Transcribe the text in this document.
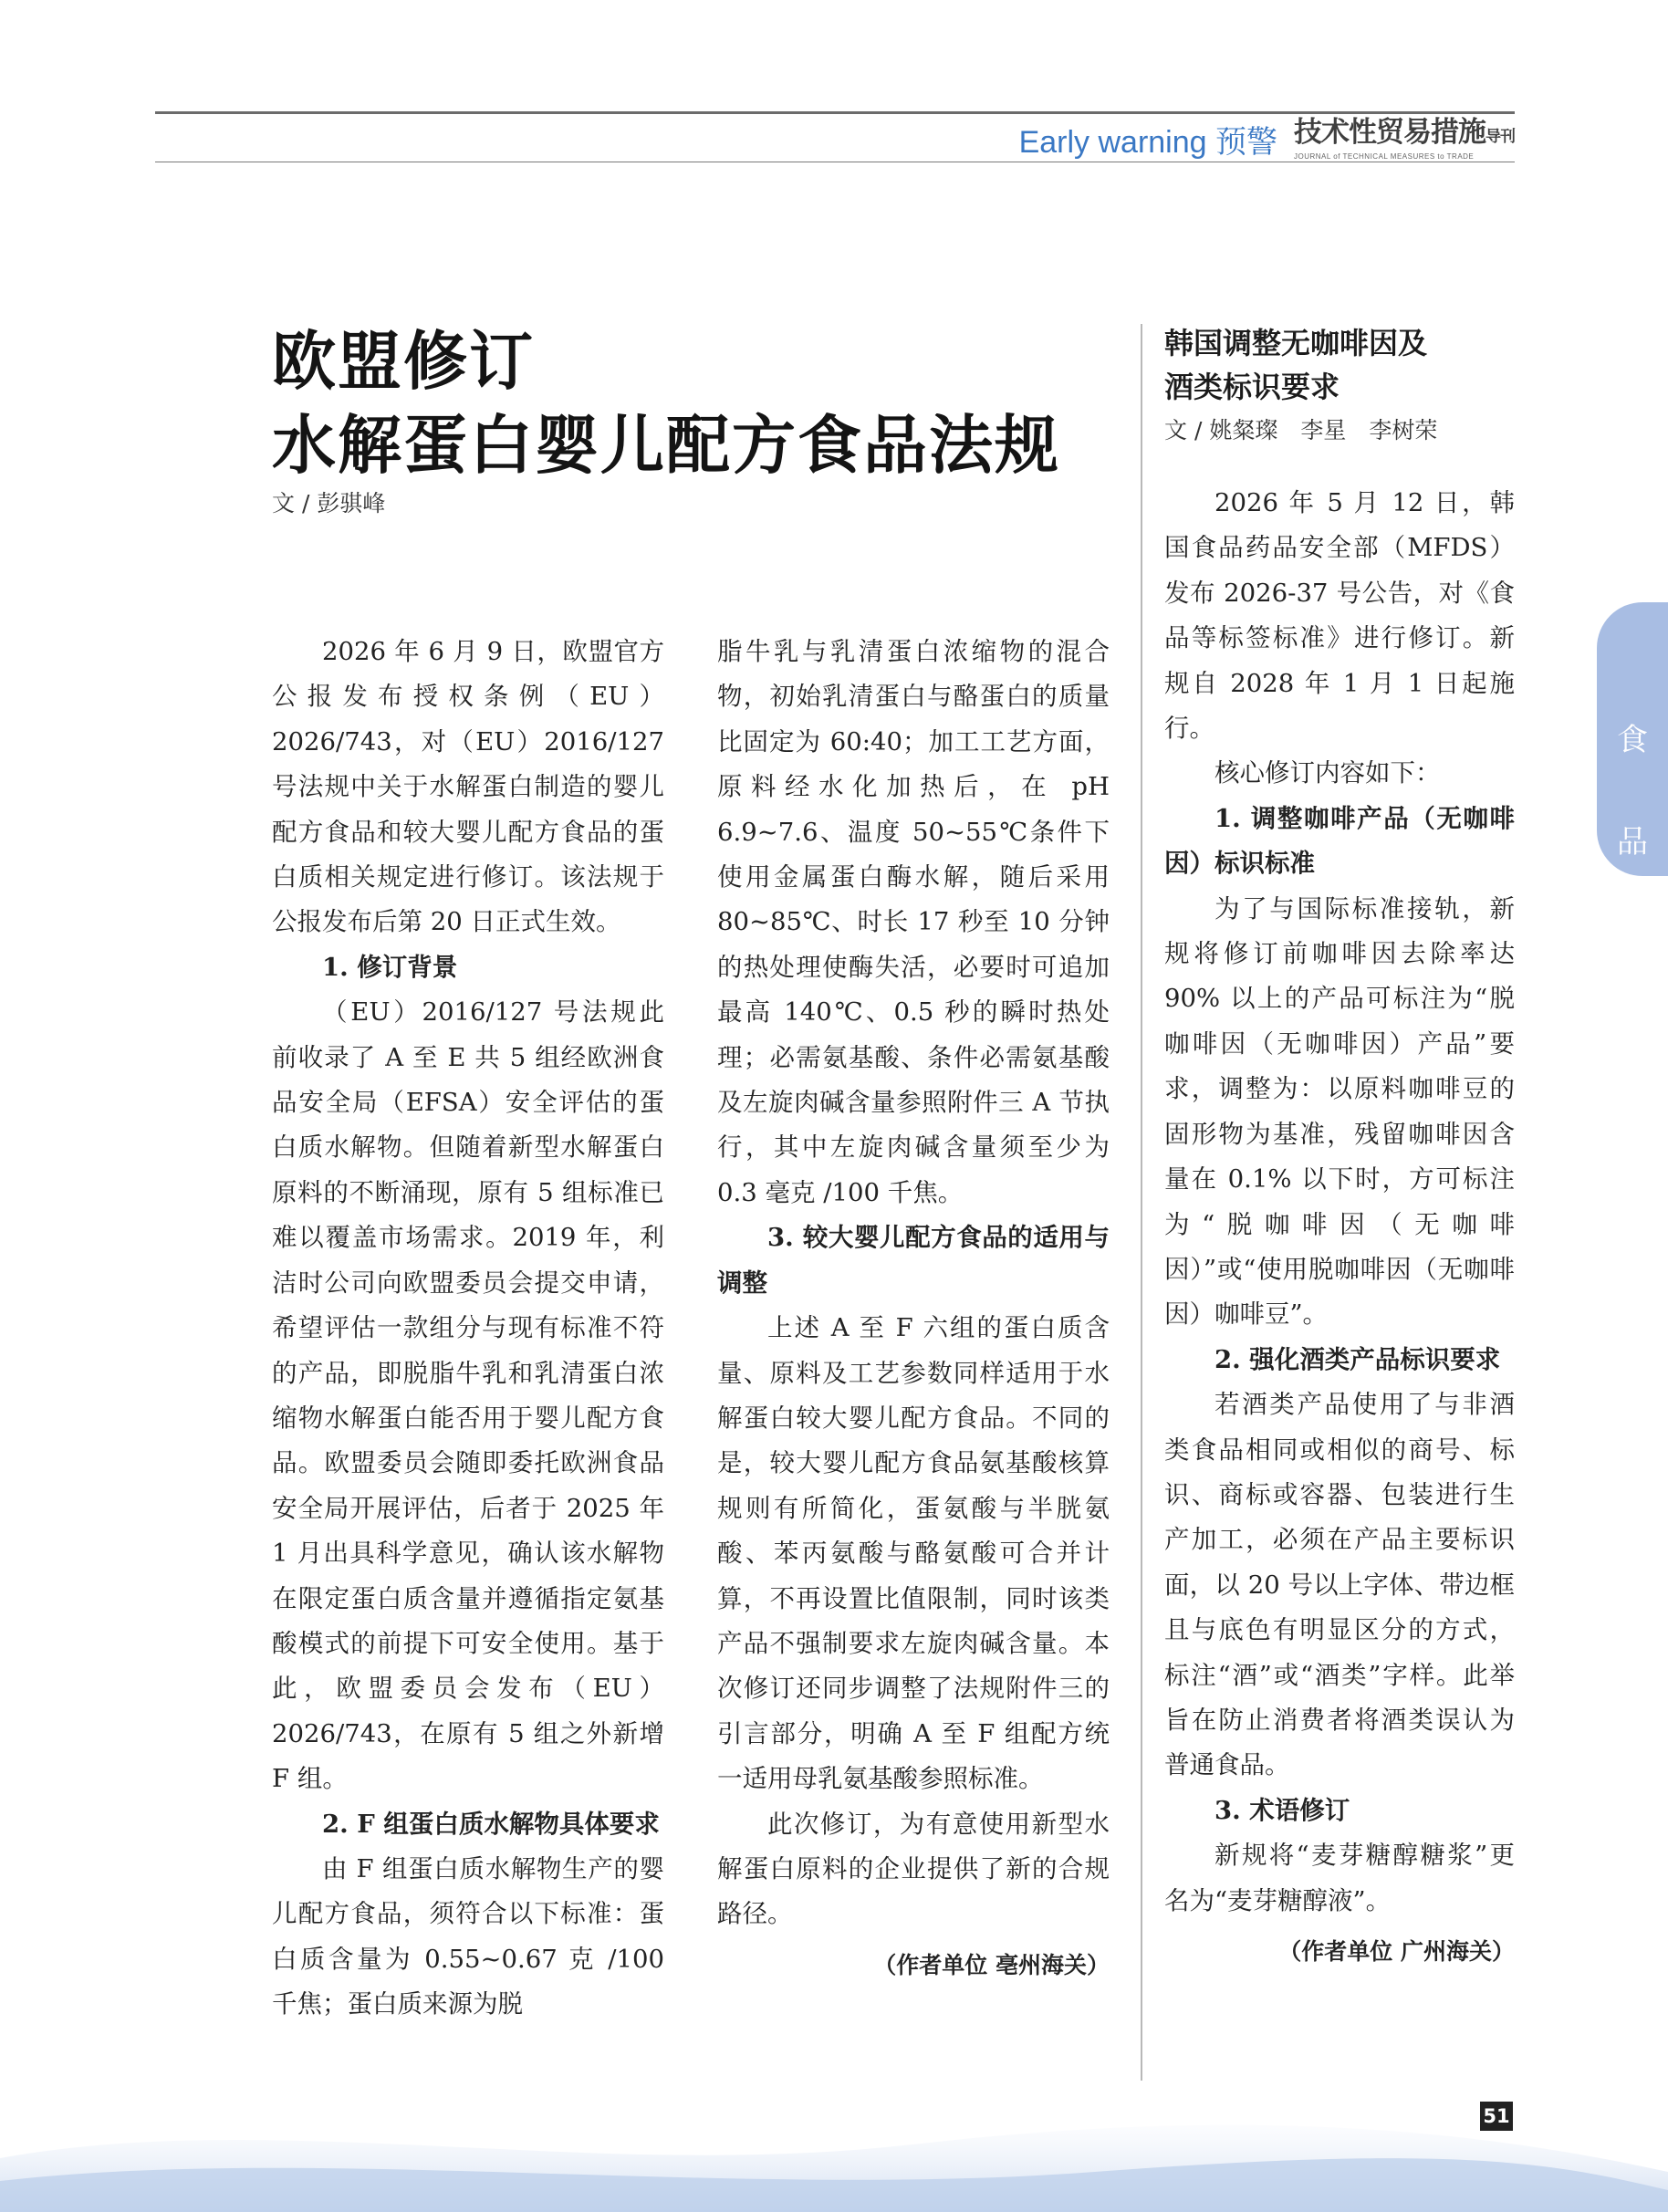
Early warning 预警 技术性贸易措施导刊
JOURNAL of TECHNICAL MEASURES to TRADE
欧盟修订
水解蛋白婴儿配方食品法规
文 / 彭骐峰

2026 年 6 月 9 日，欧盟官方公报发布授权条例（EU）2026/743，对（EU）2016/127 号法规中关于水解蛋白制造的婴儿配方食品和较大婴儿配方食品的蛋白质相关规定进行修订。该法规于公报发布后第 20 日正式生效。

1. 修订背景

（EU）2016/127 号法规此前收录了 A 至 E 共 5 组经欧洲食品安全局（EFSA）安全评估的蛋白质水解物。但随着新型水解蛋白原料的不断涌现，原有 5 组标准已难以覆盖市场需求。2019 年，利洁时公司向欧盟委员会提交申请，希望评估一款组分与现有标准不符的产品，即脱脂牛乳和乳清蛋白浓缩物水解蛋白能否用于婴儿配方食品。欧盟委员会随即委托欧洲食品安全局开展评估，后者于 2025 年 1 月出具科学意见，确认该水解物在限定蛋白质含量并遵循指定氨基酸模式的前提下可安全使用。基于此，欧盟委员会发布（EU）2026/743，在原有 5 组之外新增 F 组。

2. F 组蛋白质水解物具体要求

由 F 组蛋白质水解物生产的婴儿配方食品，须符合以下标准：蛋白质含量为 0.55~0.67 克 /100 千焦；蛋白质来源为脱

脂牛乳与乳清蛋白浓缩物的混合物，初始乳清蛋白与酪蛋白的质量比固定为 60:40；加工工艺方面，原料经水化加热后，在 pH 6.9~7.6、温度 50~55℃条件下使用金属蛋白酶水解，随后采用 80~85℃、时长 17 秒至 10 分钟的热处理使酶失活，必要时可追加最高 140℃、0.5 秒的瞬时热处理；必需氨基酸、条件必需氨基酸及左旋肉碱含量参照附件三 A 节执行，其中左旋肉碱含量须至少为 0.3 毫克 /100 千焦。

3. 较大婴儿配方食品的适用与调整

上述 A 至 F 六组的蛋白质含量、原料及工艺参数同样适用于水解蛋白较大婴儿配方食品。不同的是，较大婴儿配方食品氨基酸核算规则有所简化，蛋氨酸与半胱氨酸、苯丙氨酸与酪氨酸可合并计算，不再设置比值限制，同时该类产品不强制要求左旋肉碱含量。本次修订还同步调整了法规附件三的引言部分，明确 A 至 F 组配方统一适用母乳氨基酸参照标准。

此次修订，为有意使用新型水解蛋白原料的企业提供了新的合规路径。

（作者单位 亳州海关）

韩国调整无咖啡因及
酒类标识要求
文 / 姚粲璨　李星　李树荣

2026 年 5 月 12 日，韩国食品药品安全部（MFDS）发布 2026-37 号公告，对《食品等标签标准》进行修订。新规自 2028 年 1 月 1 日起施行。

核心修订内容如下：

1. 调整咖啡产品（无咖啡因）标识标准

为了与国际标准接轨，新规将修订前咖啡因去除率达 90% 以上的产品可标注为“脱咖啡因（无咖啡因）产品”要求，调整为：以原料咖啡豆的固形物为基准，残留咖啡因含量在 0.1% 以下时，方可标注为“脱咖啡因（无咖啡因）”或“使用脱咖啡因（无咖啡因）咖啡豆”。

2. 强化酒类产品标识要求

若酒类产品使用了与非酒类食品相同或相似的商号、标识、商标或容器、包装进行生产加工，必须在产品主要标识面，以 20 号以上字体、带边框且与底色有明显区分的方式，标注“酒”或“酒类”字样。此举旨在防止消费者将酒类误认为普通食品。

3. 术语修订

新规将“麦芽糖醇糖浆”更名为“麦芽糖醇液”。

（作者单位 广州海关）

食
品
51
